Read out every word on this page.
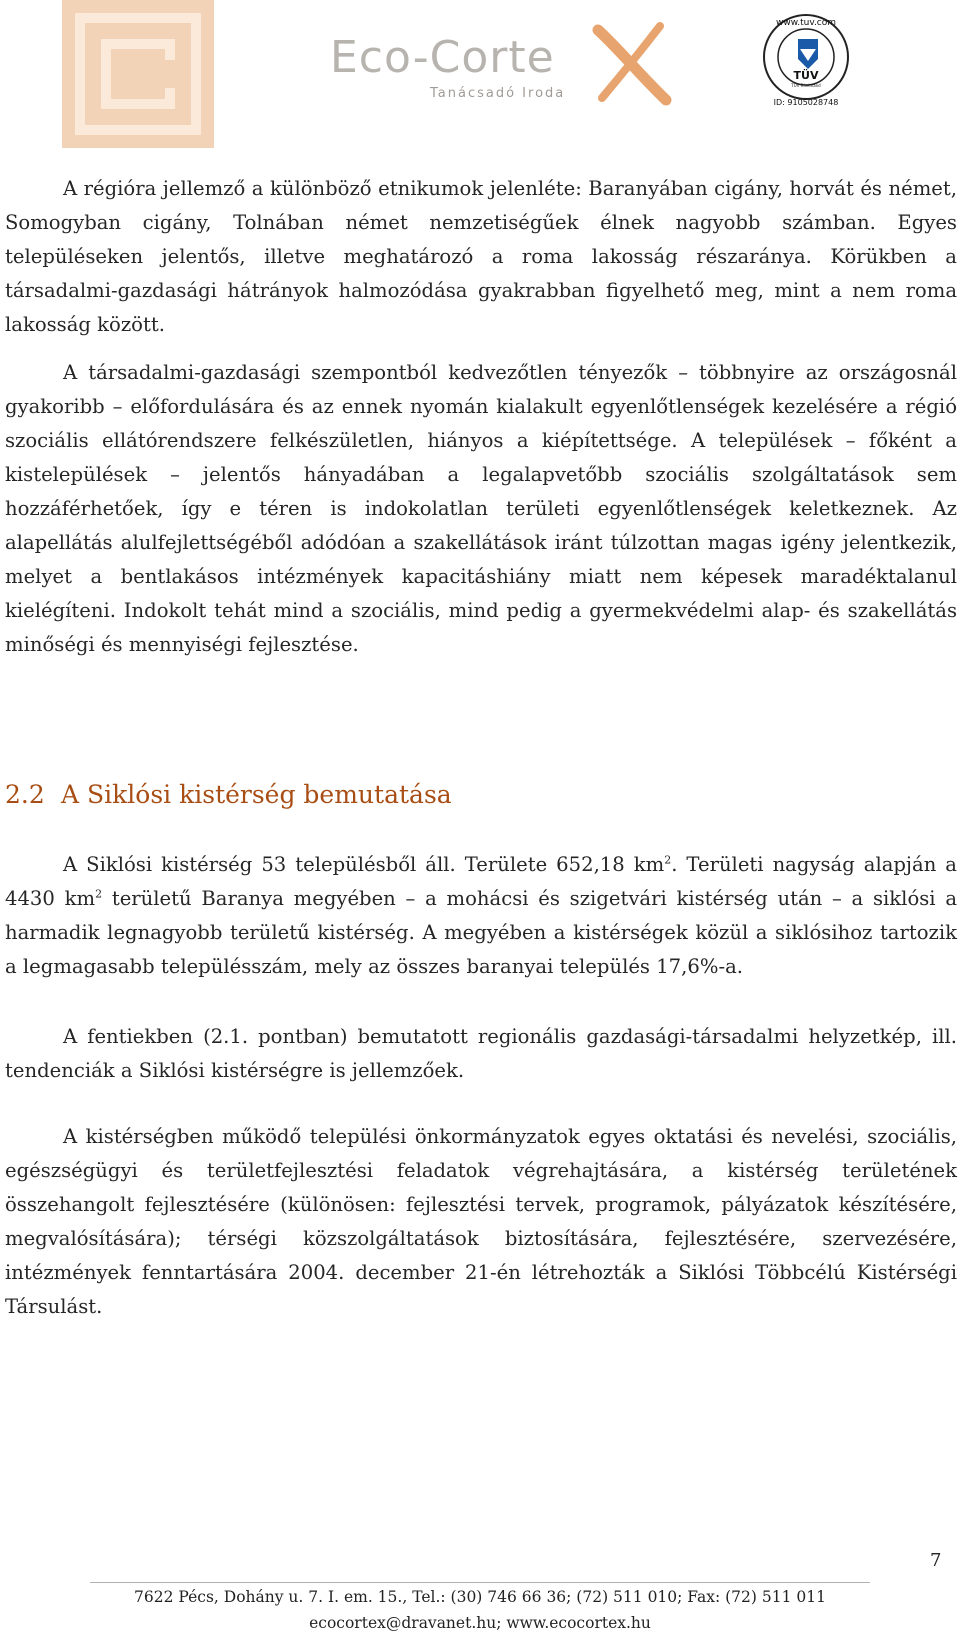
Eco-Corte
Tanácsadó Iroda
www.tuv.com
TÜV
TÜV Rheinland
ID: 9105028748

A régióra jellemző a különböző etnikumok jelenléte: Baranyában cigány, horvát és német, Somogyban cigány, Tolnában német nemzetiségűek élnek nagyobb számban. Egyes településeken jelentős, illetve meghatározó a roma lakosság részaránya. Körükben a társadalmi-gazdasági hátrányok halmozódása gyakrabban figyelhető meg, mint a nem roma lakosság között.

A társadalmi-gazdasági szempontból kedvezőtlen tényezők – többnyire az országosnál gyakoribb – előfordulására és az ennek nyomán kialakult egyenlőtlenségek kezelésére a régió szociális ellátórendszere felkészületlen, hiányos a kiépítettsége. A települések – főként a kistelepülések – jelentős hányadában a legalapvetőbb szociális szolgáltatások sem hozzáférhetőek, így e téren is indokolatlan területi egyenlőtlenségek keletkeznek. Az alapellátás alulfejlettségéből adódóan a szakellátások iránt túlzottan magas igény jelentkezik, melyet a bentlakásos intézmények kapacitáshiány miatt nem képesek maradéktalanul kielégíteni. Indokolt tehát mind a szociális, mind pedig a gyermekvédelmi alap- és szakellátás minőségi és mennyiségi fejlesztése.

2.2 A Siklósi kistérség bemutatása

A Siklósi kistérség 53 településből áll. Területe 652,18 $km^2$. Területi nagyság alapján a 4430 $km^2$ területű Baranya megyében – a mohácsi és szigetvári kistérség után – a siklósi a harmadik legnagyobb területű kistérség. A megyében a kistérségek közül a siklósihoz tartozik a legmagasabb településszám, mely az összes baranyai település 17,6%-a.

A fentiekben (2.1. pontban) bemutatott regionális gazdasági-társadalmi helyzetkép, ill. tendenciák a Siklósi kistérségre is jellemzőek.

A kistérségben működő települési önkormányzatok egyes oktatási és nevelési, szociális, egészségügyi és területfejlesztési feladatok végrehajtására, a kistérség területének összehangolt fejlesztésére (különösen: fejlesztési tervek, programok, pályázatok készítésére, megvalósítására); térségi közszolgáltatások biztosítására, fejlesztésére, szervezésére, intézmények fenntartására 2004. december 21-én létrehozták a Siklósi Többcélú Kistérségi Társulást.

7
7622 Pécs, Dohány u. 7. I. em. 15., Tel.: (30) 746 66 36; (72) 511 010; Fax: (72) 511 011
ecocortex@dravanet.hu; www.ecocortex.hu
